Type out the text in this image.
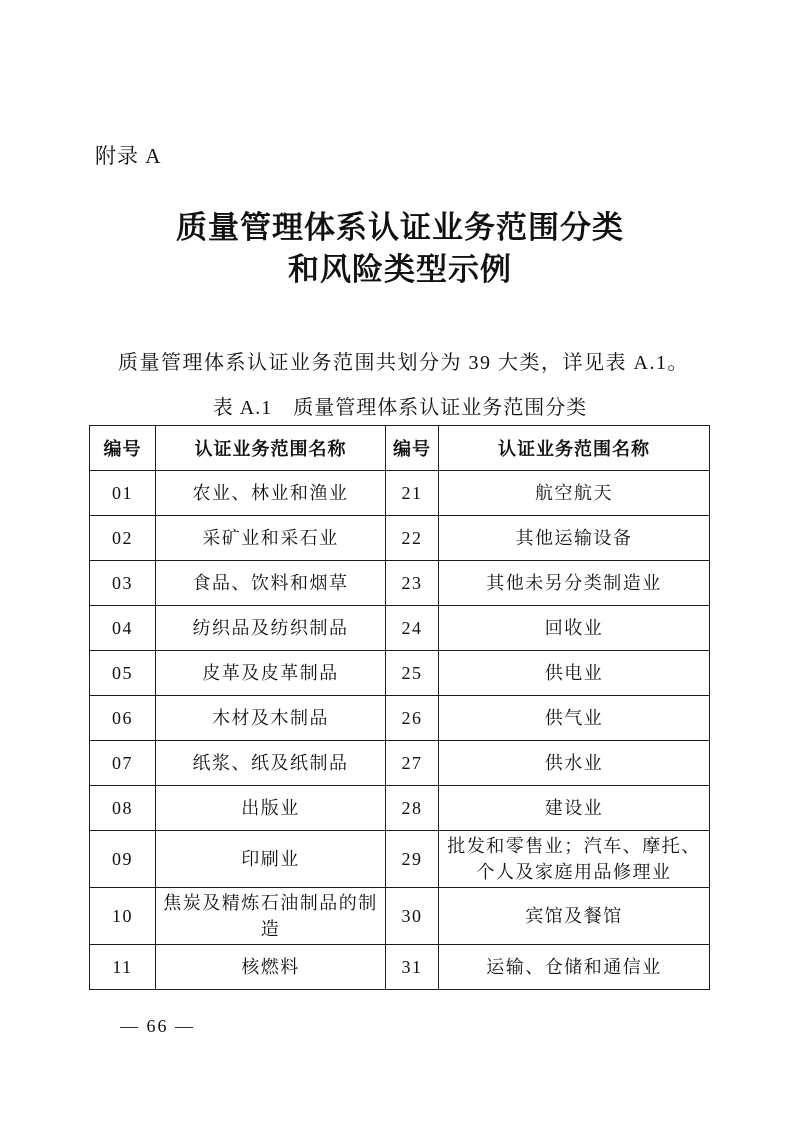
附录 A
质量管理体系认证业务范围分类
和风险类型示例
质量管理体系认证业务范围共划分为 39 大类，详见表 A.1。
表 A.1　质量管理体系认证业务范围分类
编号	认证业务范围名称	编号	认证业务范围名称
01	农业、林业和渔业	21	航空航天
02	采矿业和采石业	22	其他运输设备
03	食品、饮料和烟草	23	其他未另分类制造业
04	纺织品及纺织制品	24	回收业
05	皮革及皮革制品	25	供电业
06	木材及木制品	26	供气业
07	纸浆、纸及纸制品	27	供水业
08	出版业	28	建设业
09	印刷业	29	批发和零售业；汽车、摩托、个人及家庭用品修理业
10	焦炭及精炼石油制品的制造	30	宾馆及餐馆
11	核燃料	31	运输、仓储和通信业
— 66 —
